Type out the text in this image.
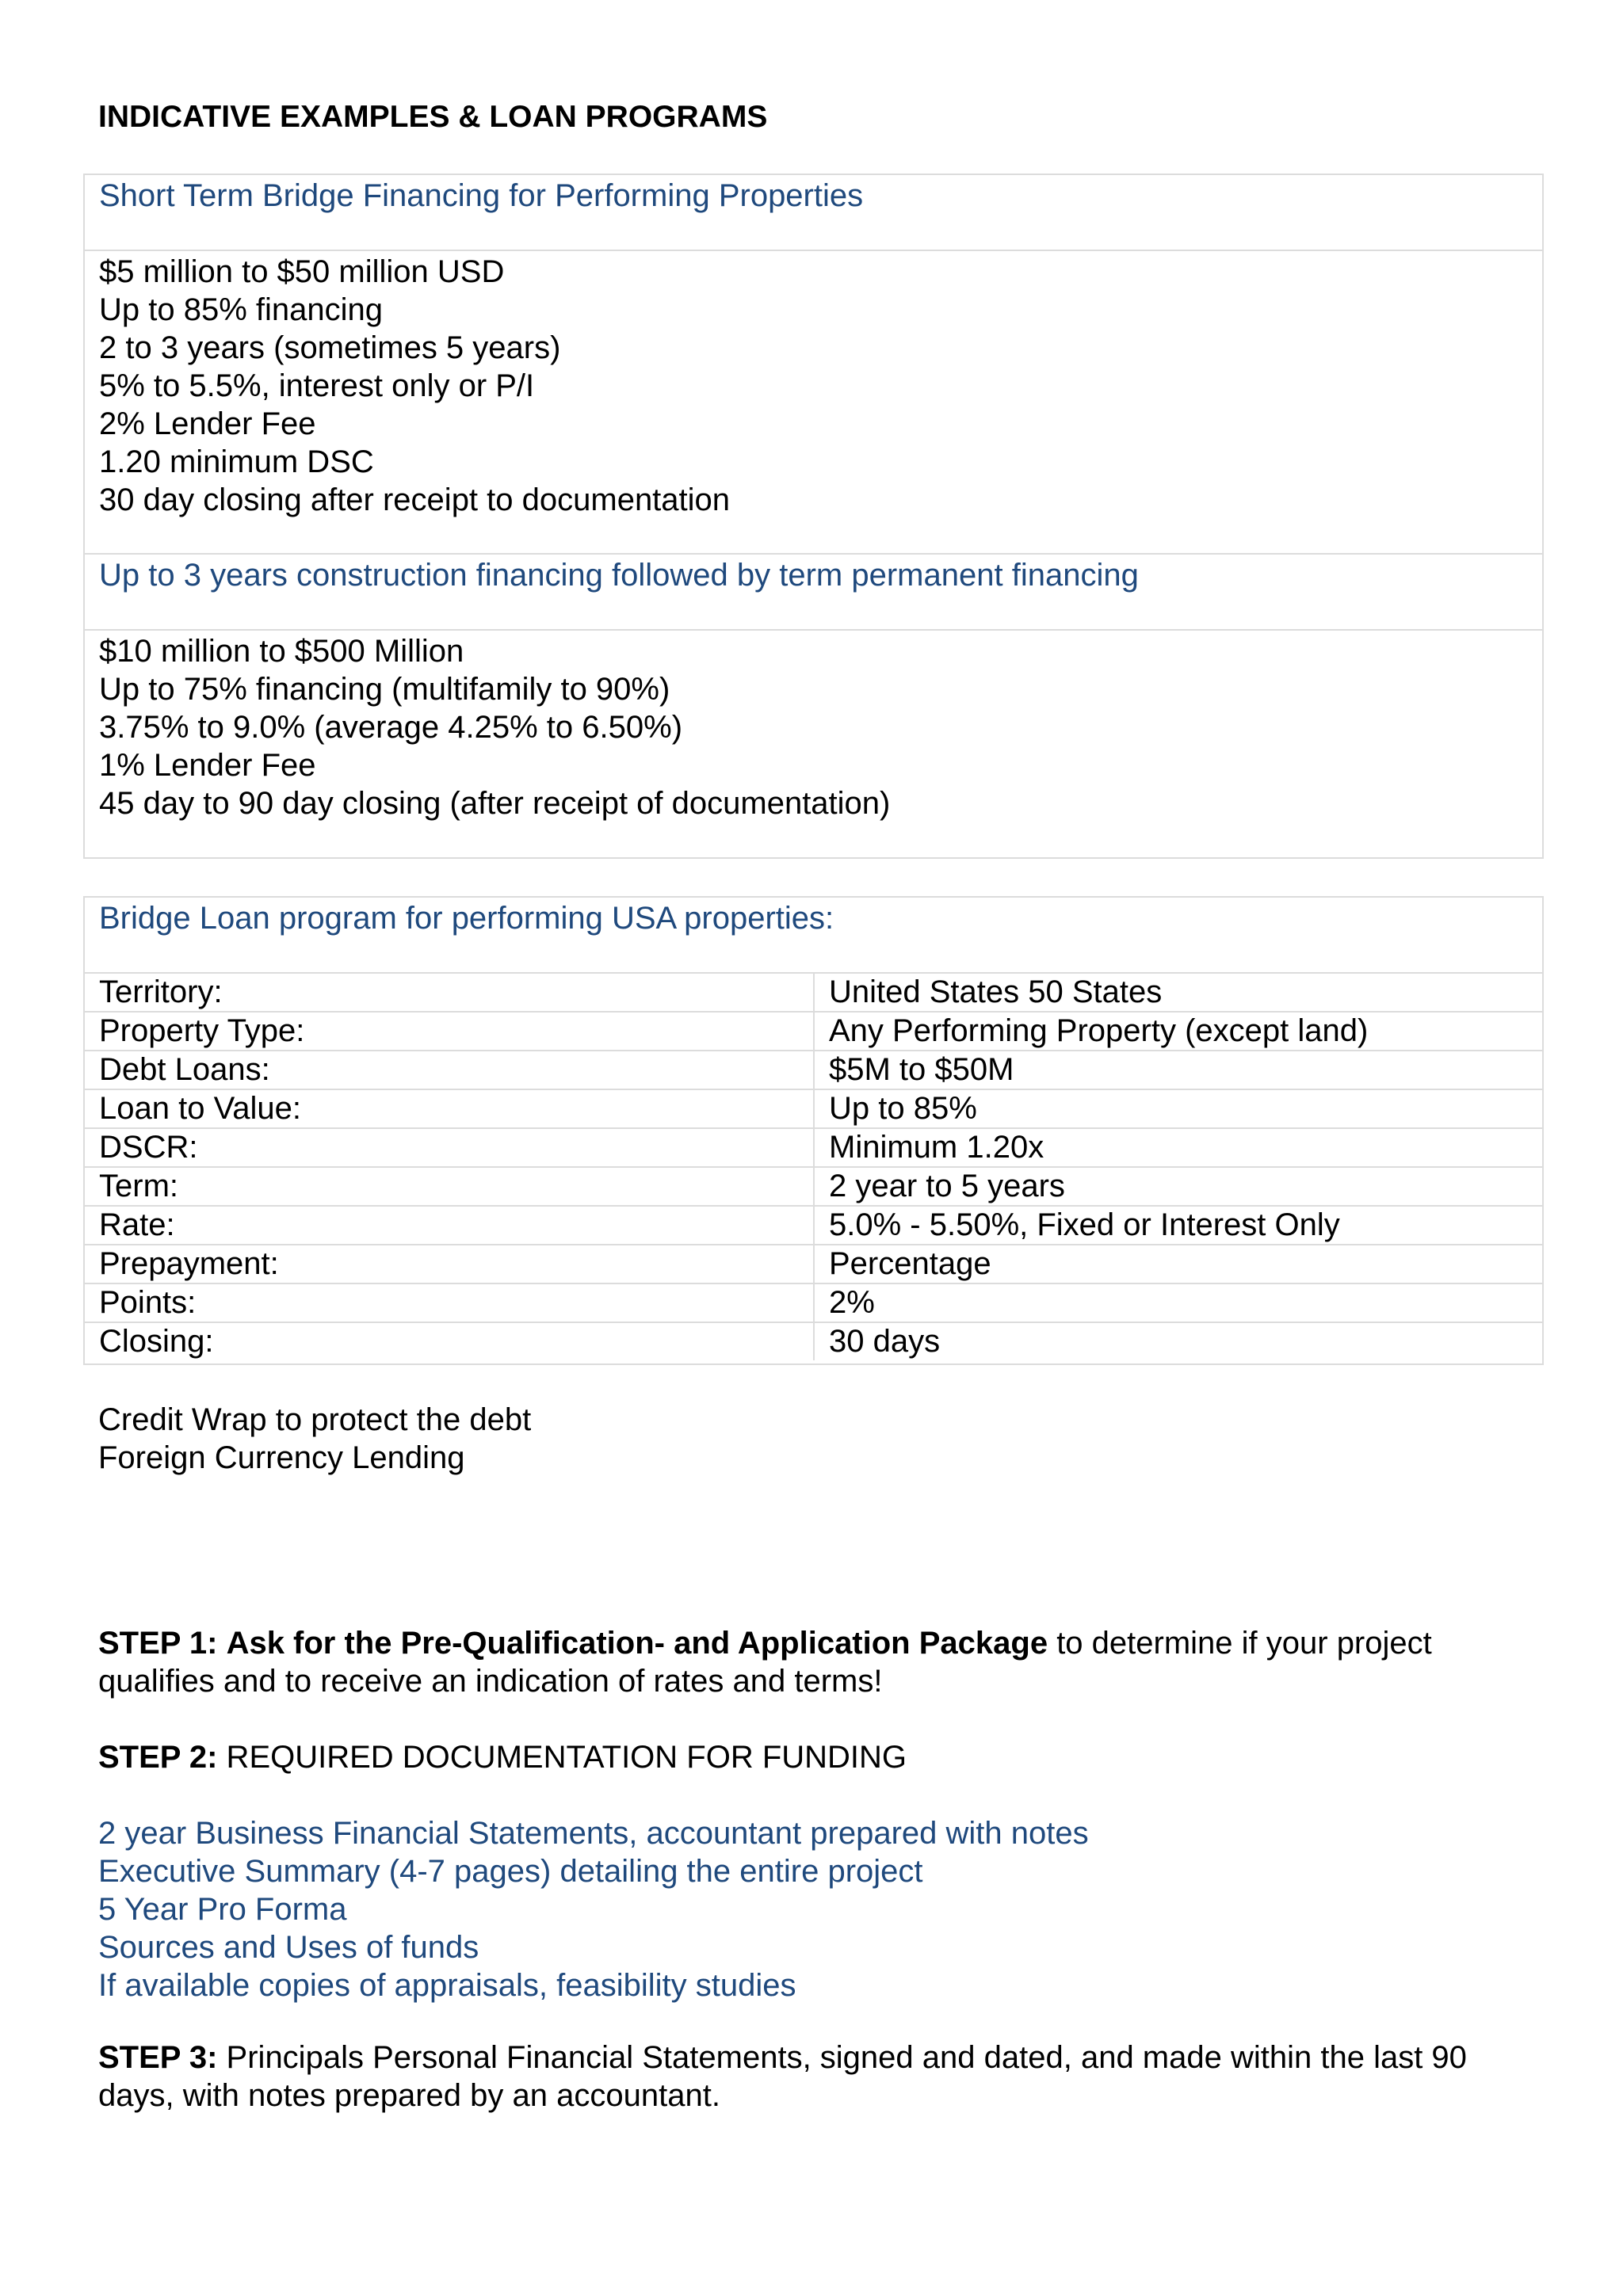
INDICATIVE EXAMPLES & LOAN PROGRAMS
Short Term Bridge Financing for Performing Properties
$5 million to $50 million USD
Up to 85% financing
2 to 3 years (sometimes 5 years)
5% to 5.5%, interest only or P/I
2% Lender Fee
1.20 minimum DSC
30 day closing after receipt to documentation
Up to 3 years construction financing followed by term permanent financing
$10 million to $500 Million
Up to 75% financing (multifamily to 90%)
3.75% to 9.0% (average 4.25% to 6.50%)
1% Lender Fee
45 day to 90 day closing (after receipt of documentation)
Bridge Loan program for performing USA properties:
Territory:	United States 50 States
Property Type:	Any Performing Property (except land)
Debt Loans:	$5M to $50M
Loan to Value:	Up to 85%
DSCR:	Minimum 1.20x
Term:	2 year to 5 years
Rate:	5.0% - 5.50%, Fixed or Interest Only
Prepayment:	Percentage
Points:	2%
Closing:	30 days
Credit Wrap to protect the debt
Foreign Currency Lending
STEP 1: Ask for the Pre-Qualification- and Application Package to determine if your project
qualifies and to receive an indication of rates and terms!
STEP 2: REQUIRED DOCUMENTATION FOR FUNDING
2 year Business Financial Statements, accountant prepared with notes
Executive Summary (4-7 pages) detailing the entire project
5 Year Pro Forma
Sources and Uses of funds
If available copies of appraisals, feasibility studies
STEP 3: Principals Personal Financial Statements, signed and dated, and made within the last 90
days, with notes prepared by an accountant.
